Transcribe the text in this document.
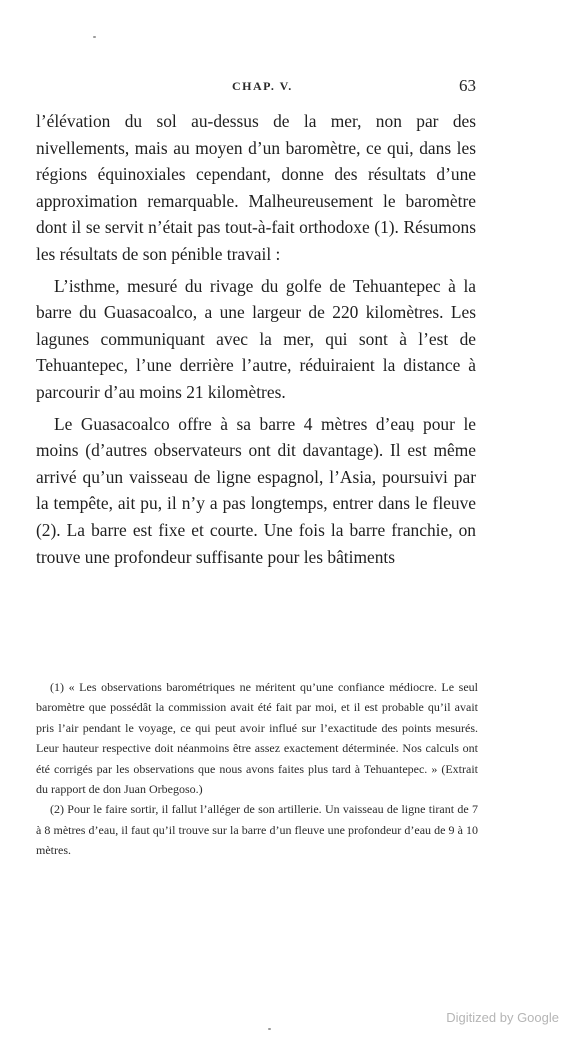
CHAP. V.	63

l’élévation du sol au-dessus de la mer, non par des nivellements, mais au moyen d’un baromètre, ce qui, dans les régions équinoxiales cependant, donne des résultats d’une approximation remarquable. Malheureusement le baromètre dont il se servit n’était pas tout-à-fait orthodoxe (1). Résumons les résultats de son pénible travail :

L’isthme, mesuré du rivage du golfe de Tehuantepec à la barre du Guasacoalco, a une largeur de 220 kilomètres. Les lagunes communiquant avec la mer, qui sont à l’est de Tehuantepec, l’une derrière l’autre, réduiraient la distance à parcourir d’au moins 21 kilomètres.

Le Guasacoalco offre à sa barre 4 mètres d’eau pour le moins (d’autres observateurs ont dit davantage). Il est même arrivé qu’un vaisseau de ligne espagnol, l’Asia, poursuivi par la tempête, ait pu, il n’y a pas longtemps, entrer dans le fleuve (2). La barre est fixe et courte. Une fois la barre franchie, on trouve une profondeur suffisante pour les bâtiments

(1) « Les observations barométriques ne méritent qu’une confiance médiocre. Le seul baromètre que possédât la commission avait été fait par moi, et il est probable qu’il avait pris l’air pendant le voyage, ce qui peut avoir influé sur l’exactitude des points mesurés. Leur hauteur respective doit néanmoins être assez exactement déterminée. Nos calculs ont été corrigés par les observations que nous avons faites plus tard à Tehuantepec. » (Extrait du rapport de don Juan Orbegoso.)

(2) Pour le faire sortir, il fallut l’alléger de son artillerie. Un vaisseau de ligne tirant de 7 à 8 mètres d’eau, il faut qu’il trouve sur la barre d’un fleuve une profondeur d’eau de 9 à 10 mètres.

Digitized by Google
